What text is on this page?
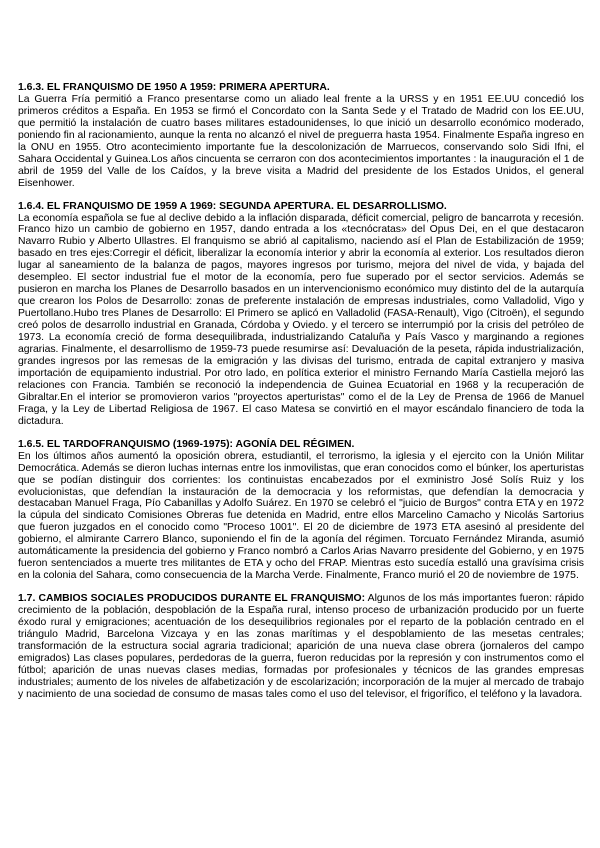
1.6.3. EL FRANQUISMO DE 1950 A 1959: PRIMERA APERTURA.

La Guerra Fría permitió a Franco presentarse como un aliado leal frente a la URSS y en 1951 EE.UU concedió los primeros créditos a España. En 1953 se firmó el Concordato con la Santa Sede y el Tratado de Madrid con los EE.UU, que permitió la instalación de cuatro bases militares estadounidenses, lo que inició un desarrollo económico moderado, poniendo fin al racionamiento, aunque la renta no alcanzó el nivel de preguerra hasta 1954. Finalmente España ingreso en la ONU en 1955. Otro acontecimiento importante fue la descolonización de Marruecos, conservando solo Sidi Ifni, el Sahara Occidental y Guinea.Los años cincuenta se cerraron con dos acontecimientos importantes : la inauguración el 1 de abril de 1959 del Valle de los Caídos, y la breve visita a Madrid del presidente de los Estados Unidos, el general Eisenhower.

1.6.4. EL FRANQUISMO DE 1959 A 1969: SEGUNDA APERTURA. EL DESARROLLISMO.

La economía española se fue al declive debido a la inflación disparada, déficit comercial, peligro de bancarrota y recesión. Franco hizo un cambio de gobierno en 1957, dando entrada a los «tecnócratas» del Opus Dei, en el que destacaron Navarro Rubio y Alberto Ullastres. El franquismo se abrió al capitalismo, naciendo así el Plan de Estabilización de 1959; basado en tres ejes:Corregir el déficit, liberalizar la economía interior y abrir la economía al exterior. Los resultados dieron lugar al saneamiento de la balanza de pagos, mayores ingresos por turismo, mejora del nivel de vida, y bajada del desempleo. El sector industrial fue el motor de la economía, pero fue superado por el sector servicios. Además se pusieron en marcha los Planes de Desarrollo basados en un intervencionismo económico muy distinto del de la autarquía que crearon los Polos de Desarrollo: zonas de preferente instalación de empresas industriales, como Valladolid, Vigo y Puertollano.Hubo tres Planes de Desarrollo: El Primero se aplicó en Valladolid (FASA-Renault), Vigo (Citroën), el segundo creó polos de desarrollo industrial en Granada, Córdoba y Oviedo. y el tercero se interrumpió por la crisis del petróleo de 1973. La economía creció de forma desequilibrada, industrializando Cataluña y País Vasco y marginando a regiones agrarias. Finalmente, el desarrollismo de 1959-73 puede resumirse así: Devaluación de la peseta, rápida industrialización, grandes ingresos por las remesas de la emigración y las divisas del turismo, entrada de capital extranjero y masiva importación de equipamiento industrial. Por otro lado, en política exterior el ministro Fernando María Castiella mejoró las relaciones con Francia. También se reconoció la independencia de Guinea Ecuatorial en 1968 y la recuperación de Gibraltar.En el interior se promovieron varios "proyectos aperturistas" como el de la Ley de Prensa de 1966 de Manuel Fraga, y la Ley de Libertad Religiosa de 1967. El caso Matesa se convirtió en el mayor escándalo financiero de toda la dictadura.

1.6.5. EL TARDOFRANQUISMO (1969-1975): AGONÍA DEL RÉGIMEN.

En los últimos años aumentó la oposición obrera, estudiantil, el terrorismo, la iglesia y el ejercito con la Unión Militar Democrática. Además se dieron luchas internas entre los inmovilistas, que eran conocidos como el búnker, los aperturistas que se podían distinguir dos corrientes: los continuistas encabezados por el exministro José Solís Ruiz y los evolucionistas, que defendían la instauración de la democracia y los reformistas, que defendían la democracia y destacaban Manuel Fraga, Pío Cabanillas y Adolfo Suárez. En 1970 se celebró el "juicio de Burgos" contra ETA y en 1972 la cúpula del sindicato Comisiones Obreras fue detenida en Madrid, entre ellos Marcelino Camacho y Nicolás Sartorius que fueron juzgados en el conocido como "Proceso 1001". El 20 de diciembre de 1973 ETA asesinó al presidente del gobierno, el almirante Carrero Blanco, suponiendo el fin de la agonía del régimen. Torcuato Fernández Miranda, asumió automáticamente la presidencia del gobierno y Franco nombró a Carlos Arias Navarro presidente del Gobierno, y en 1975 fueron sentenciados a muerte tres militantes de ETA y ocho del FRAP. Mientras esto sucedía estalló una gravísima crisis en la colonia del Sahara, como consecuencia de la Marcha Verde. Finalmente, Franco murió el 20 de noviembre de 1975.

1.7. CAMBIOS SOCIALES PRODUCIDOS DURANTE EL FRANQUISMO: Algunos de los más importantes fueron: rápido crecimiento de la población, despoblación de la España rural, intenso proceso de urbanización producido por un fuerte éxodo rural y emigraciones; acentuación de los desequilibrios regionales por el reparto de la población centrado en el triángulo Madrid, Barcelona Vizcaya y en las zonas marítimas y el despoblamiento de las mesetas centrales; transformación de la estructura social agraria tradicional; aparición de una nueva clase obrera (jornaleros del campo emigrados) Las clases populares, perdedoras de la guerra, fueron reducidas por la represión y con instrumentos como el fútbol; aparición de unas nuevas clases medias, formadas por profesionales y técnicos de las grandes empresas industriales; aumento de los niveles de alfabetización y de escolarización; incorporación de la mujer al mercado de trabajo y nacimiento de una sociedad de consumo de masas tales como el uso del televisor, el frigorífico, el teléfono y la lavadora.
